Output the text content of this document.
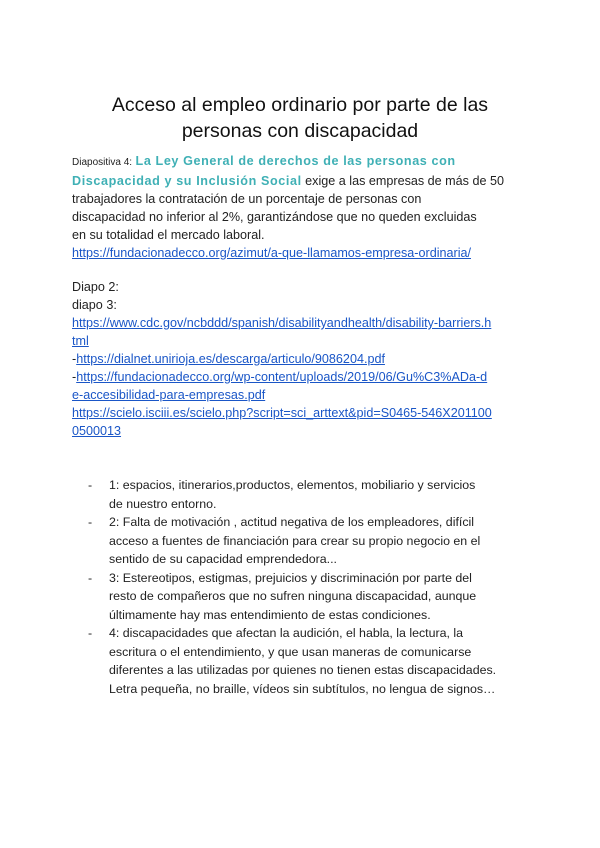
Acceso al empleo ordinario por parte de las
personas con discapacidad
Diapositiva 4: La Ley General de derechos de las personas con
Discapacidad y su Inclusión Social exige a las empresas de más de 50
trabajadores la contratación de un porcentaje de personas con
discapacidad no inferior al 2%, garantizándose que no queden excluidas
en su totalidad el mercado laboral.
https://fundacionadecco.org/azimut/a-que-llamamos-empresa-ordinaria/
Diapo 2:
diapo 3:
https://www.cdc.gov/ncbddd/spanish/disabilityandhealth/disability-barriers.h
tml
-https://dialnet.unirioja.es/descarga/articulo/9086204.pdf
-https://fundacionadecco.org/wp-content/uploads/2019/06/Gu%C3%ADa-d
e-accesibilidad-para-empresas.pdf
https://scielo.isciii.es/scielo.php?script=sci_arttext&pid=S0465-546X201100
0500013
- 1: espacios, itinerarios,productos, elementos, mobiliario y servicios
de nuestro entorno.
- 2: Falta de motivación , actitud negativa de los empleadores, difícil
acceso a fuentes de financiación para crear su propio negocio en el
sentido de su capacidad emprendedora...
- 3: Estereotipos, estigmas, prejuicios y discriminación por parte del
resto de compañeros que no sufren ninguna discapacidad, aunque
últimamente hay mas entendimiento de estas condiciones.
- 4: discapacidades que afectan la audición, el habla, la lectura, la
escritura o el entendimiento, y que usan maneras de comunicarse
diferentes a las utilizadas por quienes no tienen estas discapacidades.
Letra pequeña, no braille, vídeos sin subtítulos, no lengua de signos…
